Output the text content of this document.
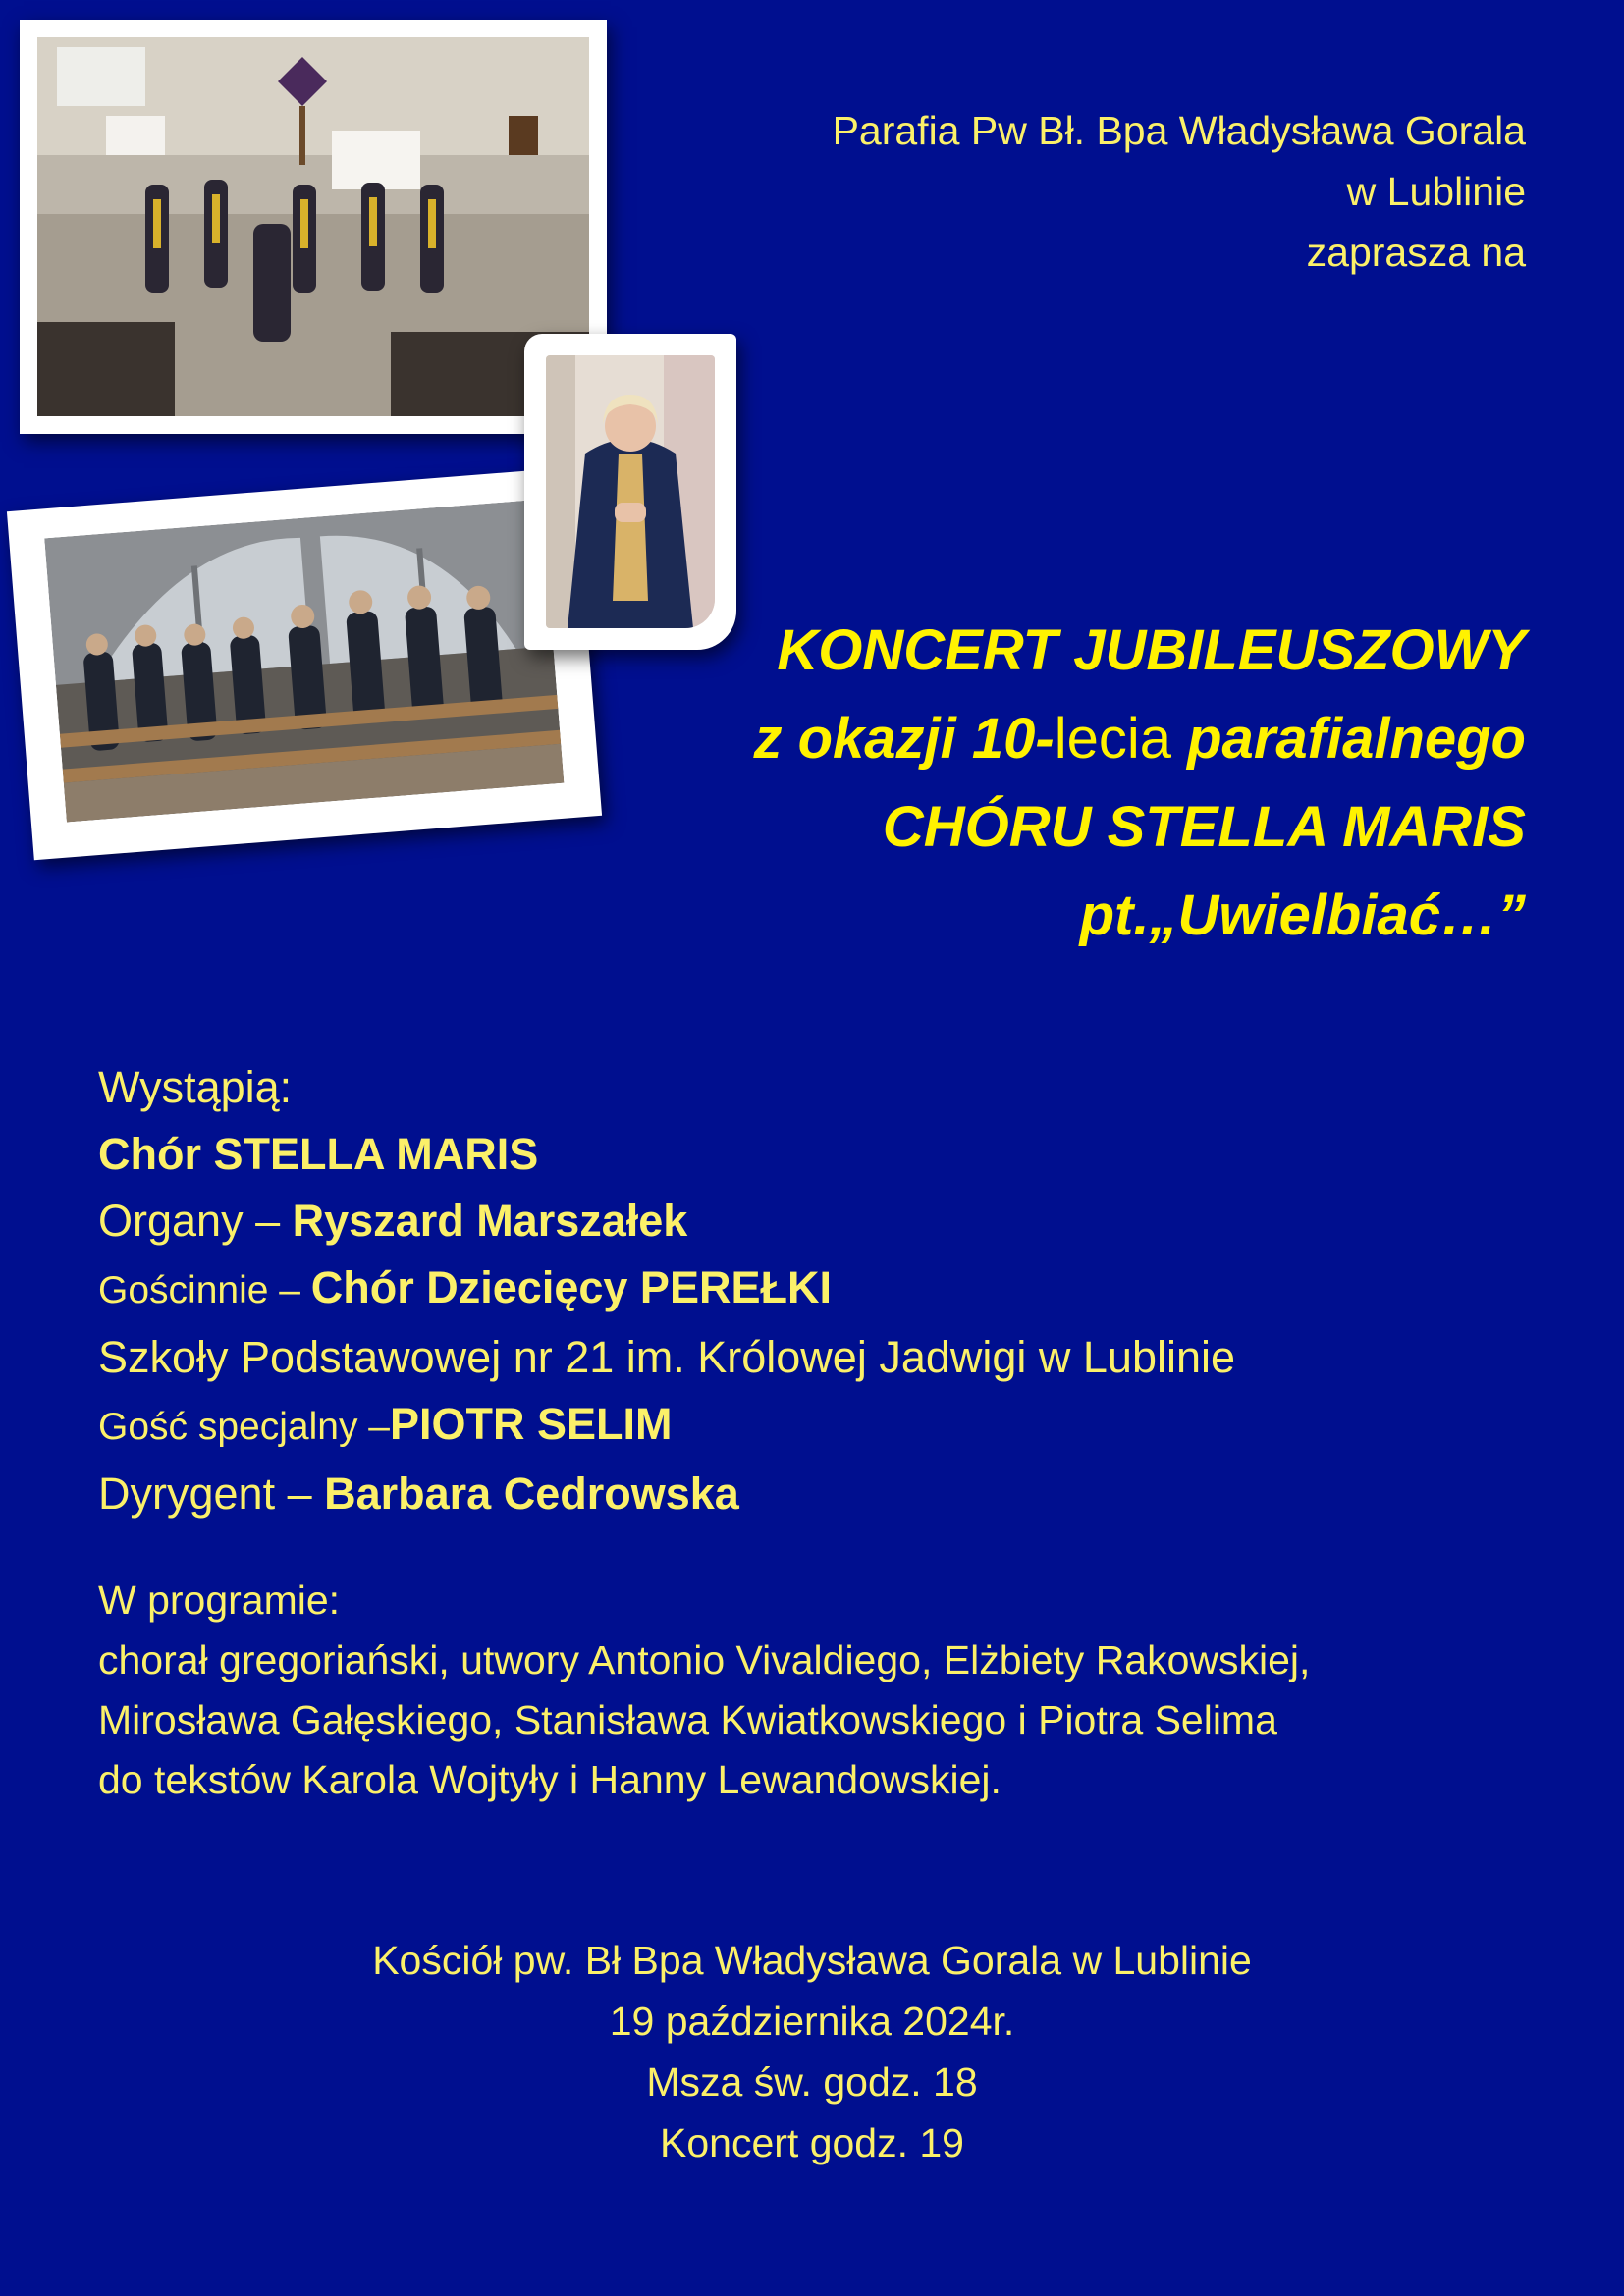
Parafia Pw Bł. Bpa Władysława Gorala
w Lublinie
zaprasza na
KONCERT JUBILEUSZOWY
z okazji 10-lecia parafialnego
CHÓRU STELLA MARIS
pt.„Uwielbiać…”
Wystąpią:
Chór STELLA MARIS
Organy – Ryszard Marszałek
Gościnnie – Chór Dziecięcy PEREŁKI
Szkoły Podstawowej nr 21 im. Królowej Jadwigi w Lublinie
Gość specjalny –PIOTR SELIM
Dyrygent – Barbara Cedrowska
W programie:
chorał gregoriański, utwory Antonio Vivaldiego, Elżbiety Rakowskiej,
Mirosława Gałęskiego, Stanisława Kwiatkowskiego i Piotra Selima
do tekstów Karola Wojtyły i Hanny Lewandowskiej.
Kościół pw. Bł Bpa Władysława Gorala w Lublinie
19 października 2024r.
Msza św. godz. 18
Koncert godz. 19
